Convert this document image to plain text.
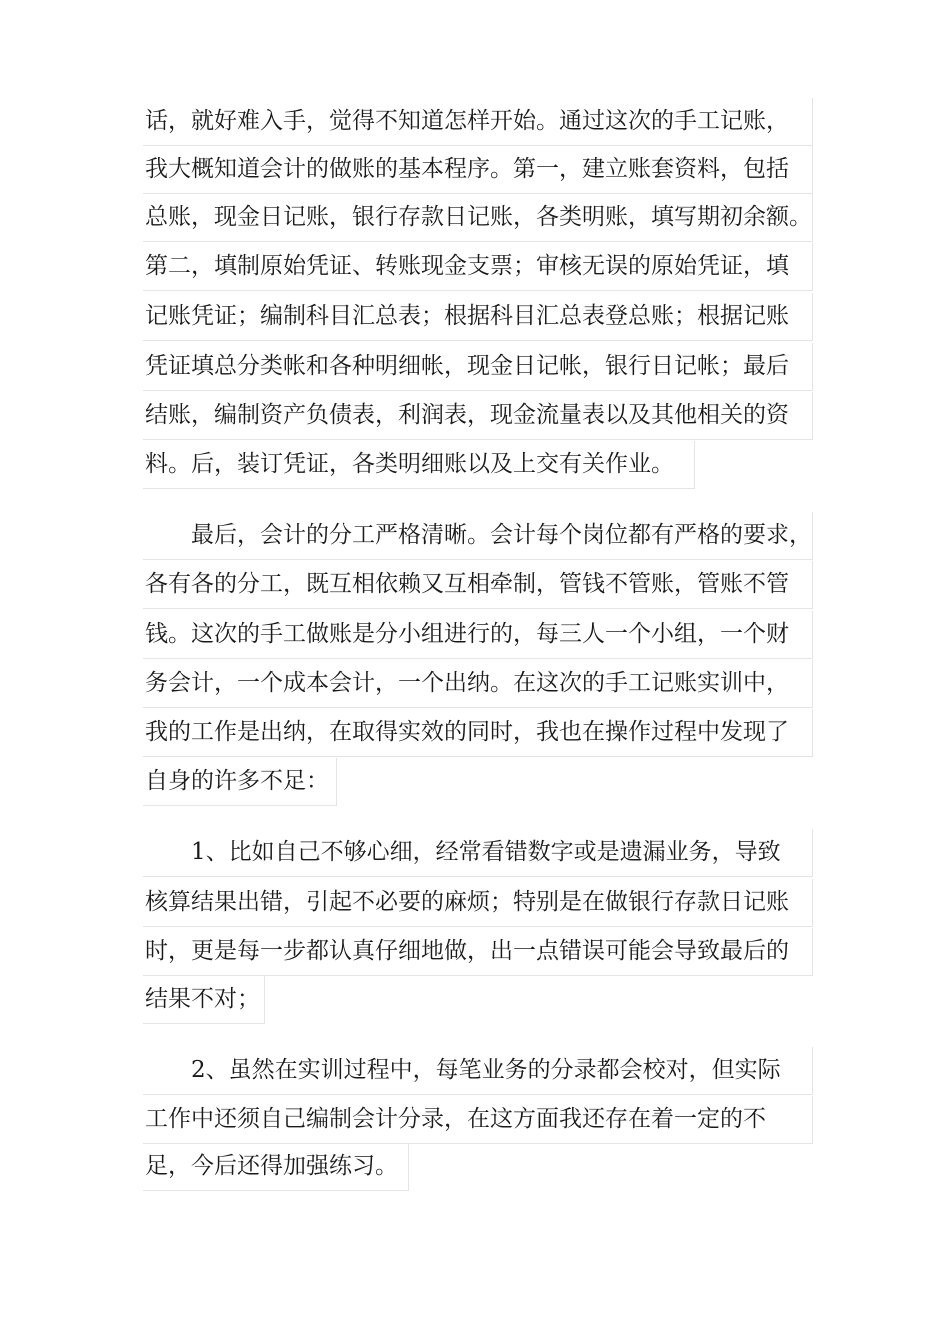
话，就好难入手，觉得不知道怎样开始。通过这次的手工记账，
我大概知道会计的做账的基本程序。第一，建立账套资料，包括
总账，现金日记账，银行存款日记账，各类明账，填写期初余额。
第二，填制原始凭证、转账现金支票；审核无误的原始凭证，填
记账凭证；编制科目汇总表；根据科目汇总表登总账；根据记账
凭证填总分类帐和各种明细帐，现金日记帐，银行日记帐；最后
结账，编制资产负债表，利润表，现金流量表以及其他相关的资
料。后，装订凭证，各类明细账以及上交有关作业。
最后，会计的分工严格清晰。会计每个岗位都有严格的要求，
各有各的分工，既互相依赖又互相牵制，管钱不管账，管账不管
钱。这次的手工做账是分小组进行的，每三人一个小组，一个财
务会计，一个成本会计，一个出纳。在这次的手工记账实训中，
我的工作是出纳，在取得实效的同时，我也在操作过程中发现了
自身的许多不足：
1、比如自己不够心细，经常看错数字或是遗漏业务，导致
核算结果出错，引起不必要的麻烦；特别是在做银行存款日记账
时，更是每一步都认真仔细地做，出一点错误可能会导致最后的
结果不对；
2、虽然在实训过程中，每笔业务的分录都会校对，但实际
工作中还须自己编制会计分录，在这方面我还存在着一定的不
足，今后还得加强练习。
